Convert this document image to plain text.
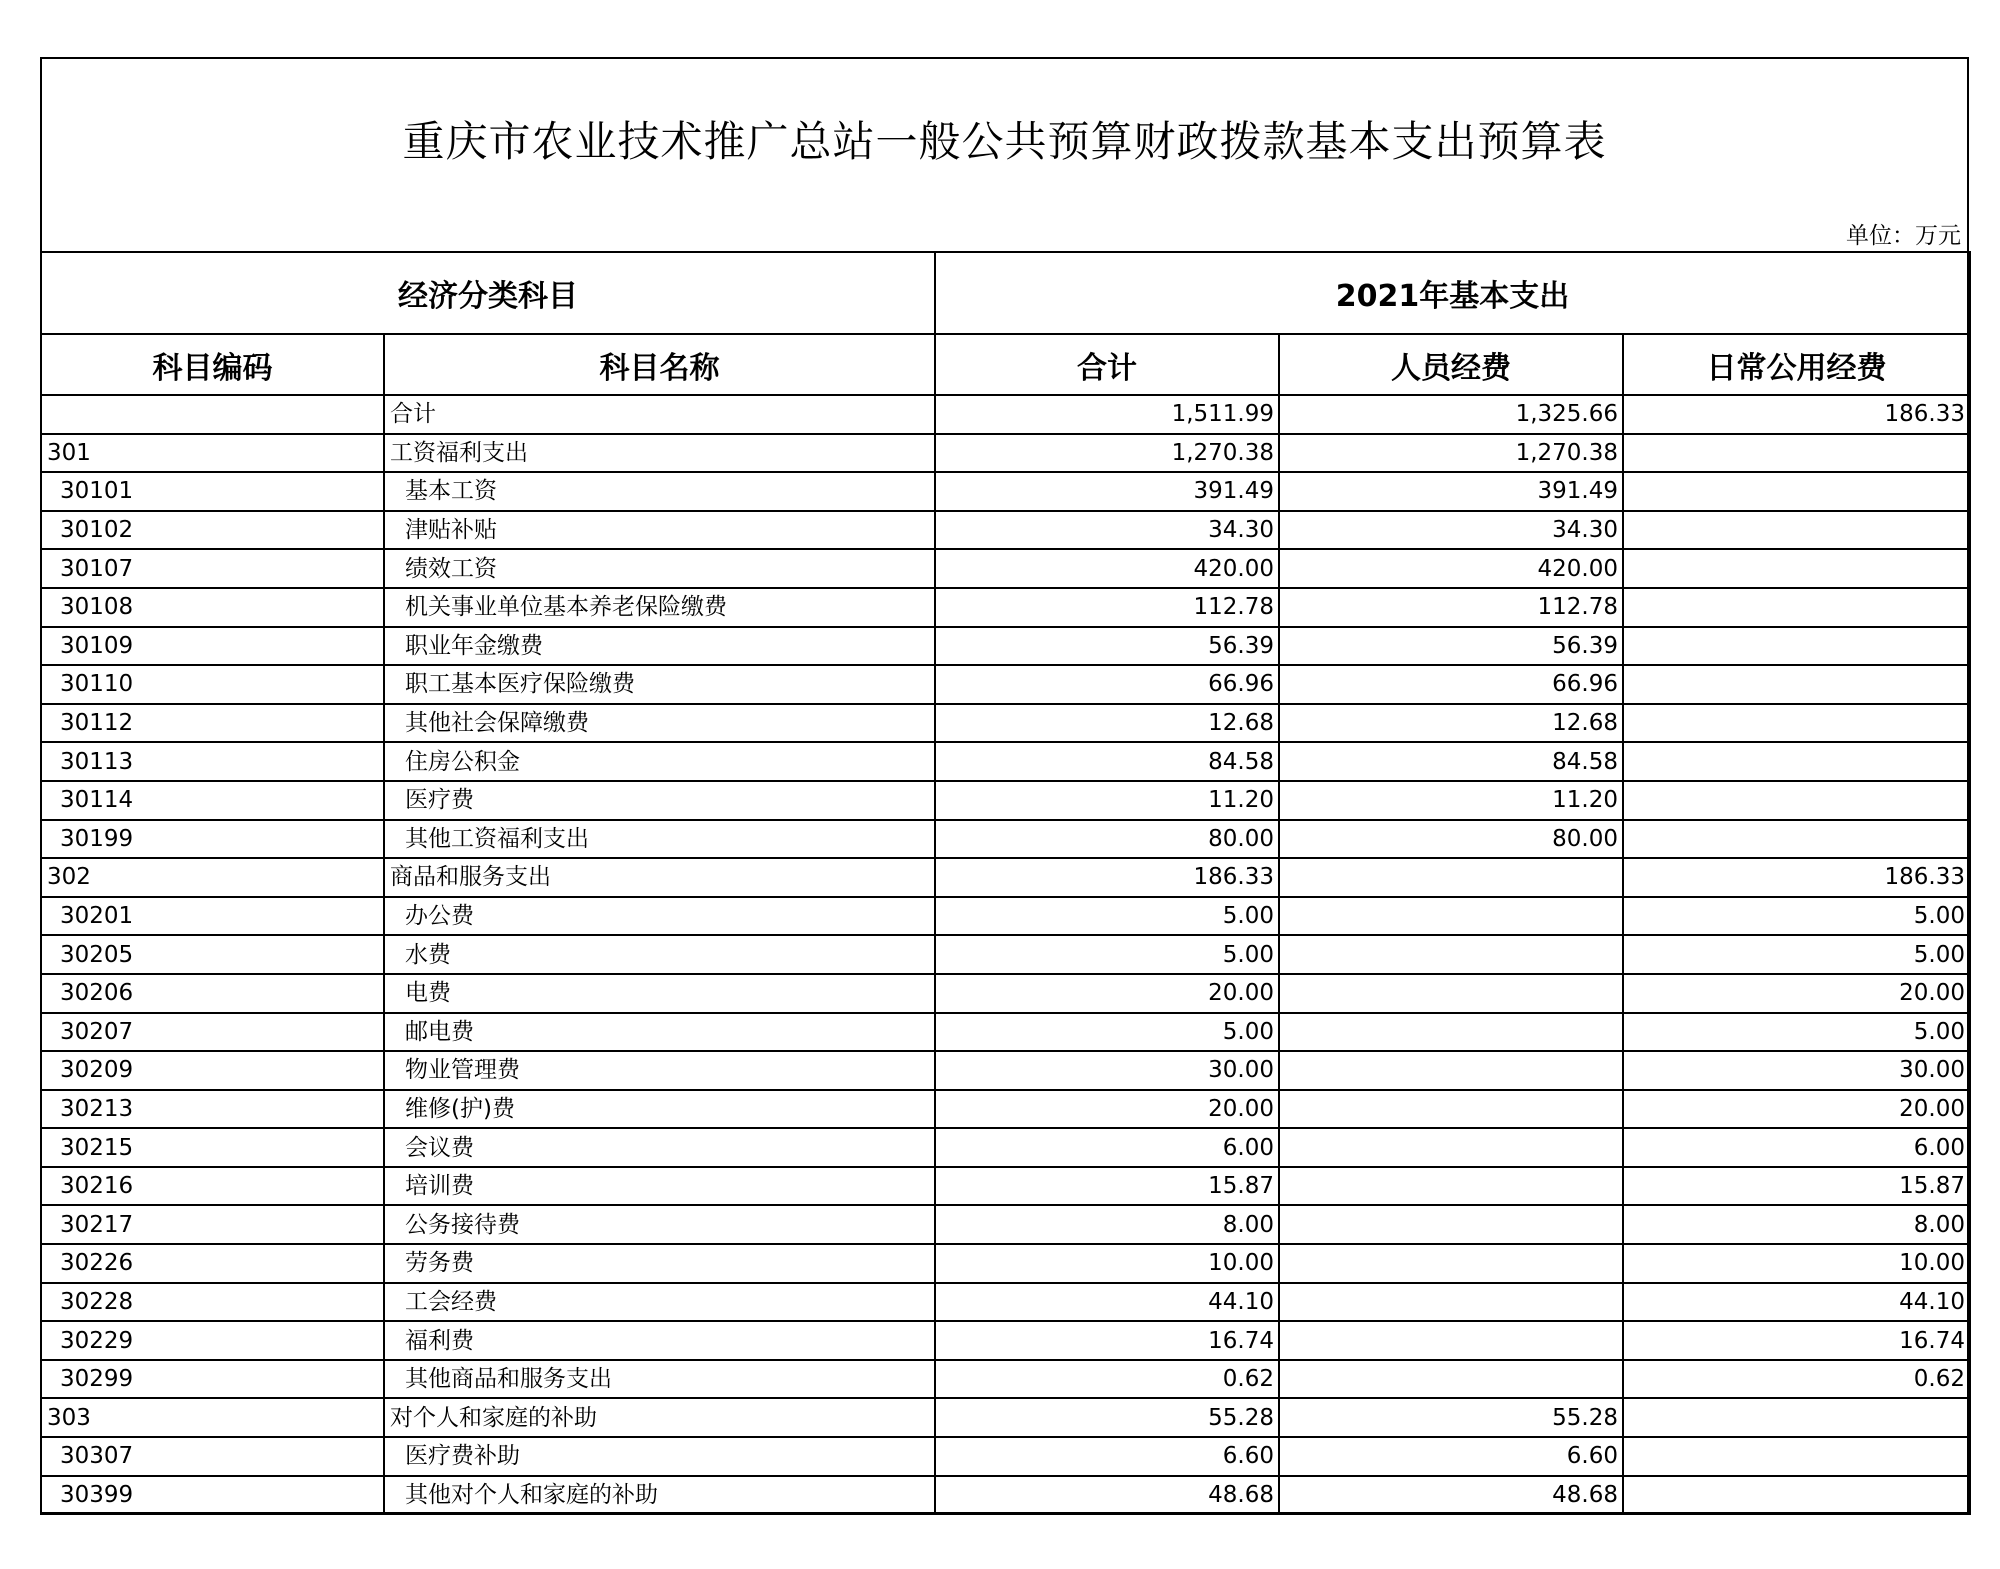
重庆市农业技术推广总站一般公共预算财政拨款基本支出预算表
单位：万元
经济分类科目		2021年基本支出		
科目编码	科目名称	合计	人员经费	日常公用经费
	合计	1,511.99	1,325.66	186.33
301	工资福利支出	1,270.38	1,270.38	
30101	基本工资	391.49	391.49	
30102	津贴补贴	34.30	34.30	
30107	绩效工资	420.00	420.00	
30108	机关事业单位基本养老保险缴费	112.78	112.78	
30109	职业年金缴费	56.39	56.39	
30110	职工基本医疗保险缴费	66.96	66.96	
30112	其他社会保障缴费	12.68	12.68	
30113	住房公积金	84.58	84.58	
30114	医疗费	11.20	11.20	
30199	其他工资福利支出	80.00	80.00	
302	商品和服务支出	186.33		186.33
30201	办公费	5.00		5.00
30205	水费	5.00		5.00
30206	电费	20.00		20.00
30207	邮电费	5.00		5.00
30209	物业管理费	30.00		30.00
30213	维修(护)费	20.00		20.00
30215	会议费	6.00		6.00
30216	培训费	15.87		15.87
30217	公务接待费	8.00		8.00
30226	劳务费	10.00		10.00
30228	工会经费	44.10		44.10
30229	福利费	16.74		16.74
30299	其他商品和服务支出	0.62		0.62
303	对个人和家庭的补助	55.28	55.28	
30307	医疗费补助	6.60	6.60	
30399	其他对个人和家庭的补助	48.68	48.68	
